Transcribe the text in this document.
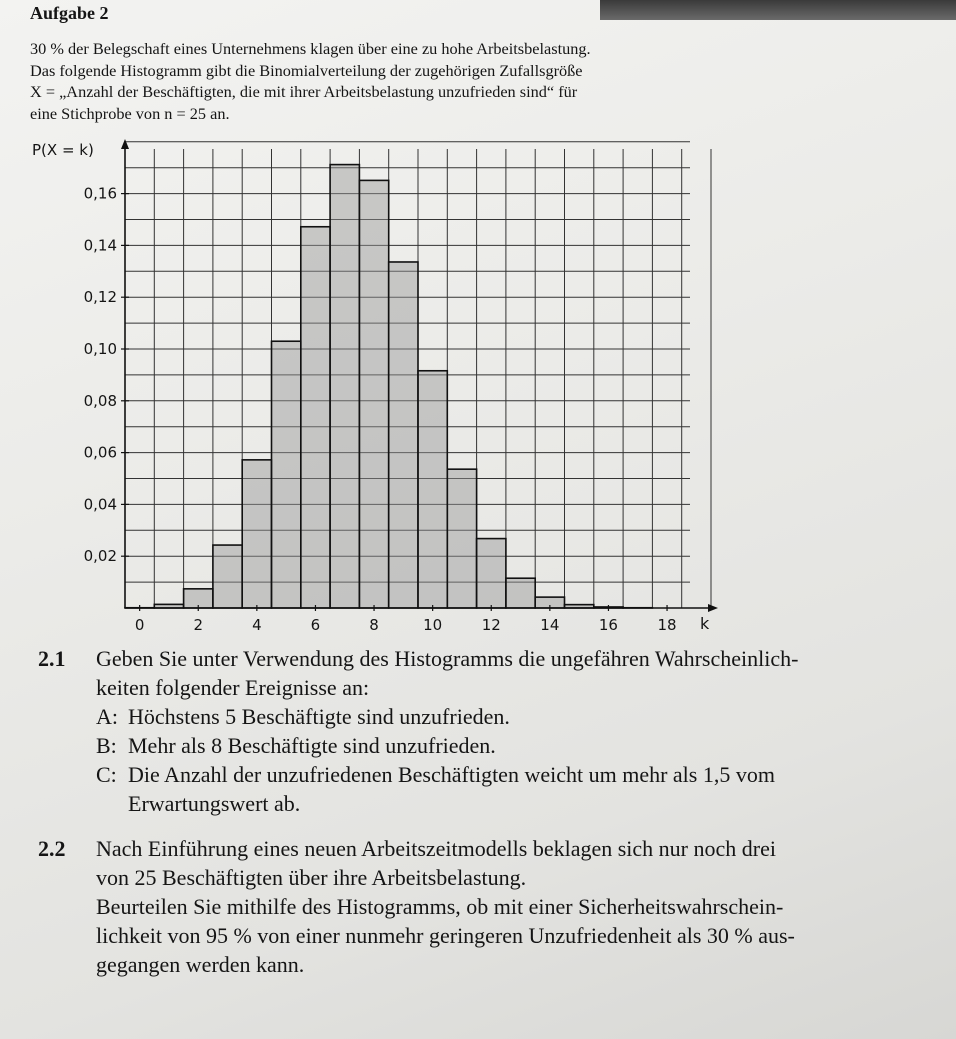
Aufgabe 2

30 % der Belegschaft eines Unternehmens klagen über eine zu hohe Arbeitsbelastung.

Das folgende Histogramm gibt die Binomialverteilung der zugehörigen Zufallsgröße

X = „Anzahl der Beschäftigten, die mit ihrer Arbeitsbelastung unzufrieden sind“ für

eine Stichprobe von n = 25 an.

0	2	4	6	8	10	12	14	16	18
0,02
0,04
0,06
0,08
0,10
0,12
0,14
0,16
P(X = k)
k
2.1 Geben Sie unter Verwendung des Histogramms die ungefähren Wahrscheinlich-
keiten folgender Ereignisse an:
A: Höchstens 5 Beschäftigte sind unzufrieden.
B: Mehr als 8 Beschäftigte sind unzufrieden.
C: Die Anzahl der unzufriedenen Beschäftigten weicht um mehr als 1,5 vom
Erwartungswert ab.
2.2 Nach Einführung eines neuen Arbeitszeitmodells beklagen sich nur noch drei
von 25 Beschäftigten über ihre Arbeitsbelastung.
Beurteilen Sie mithilfe des Histogramms, ob mit einer Sicherheitswahrschein-
lichkeit von 95 % von einer nunmehr geringeren Unzufriedenheit als 30 % aus-
gegangen werden kann.
